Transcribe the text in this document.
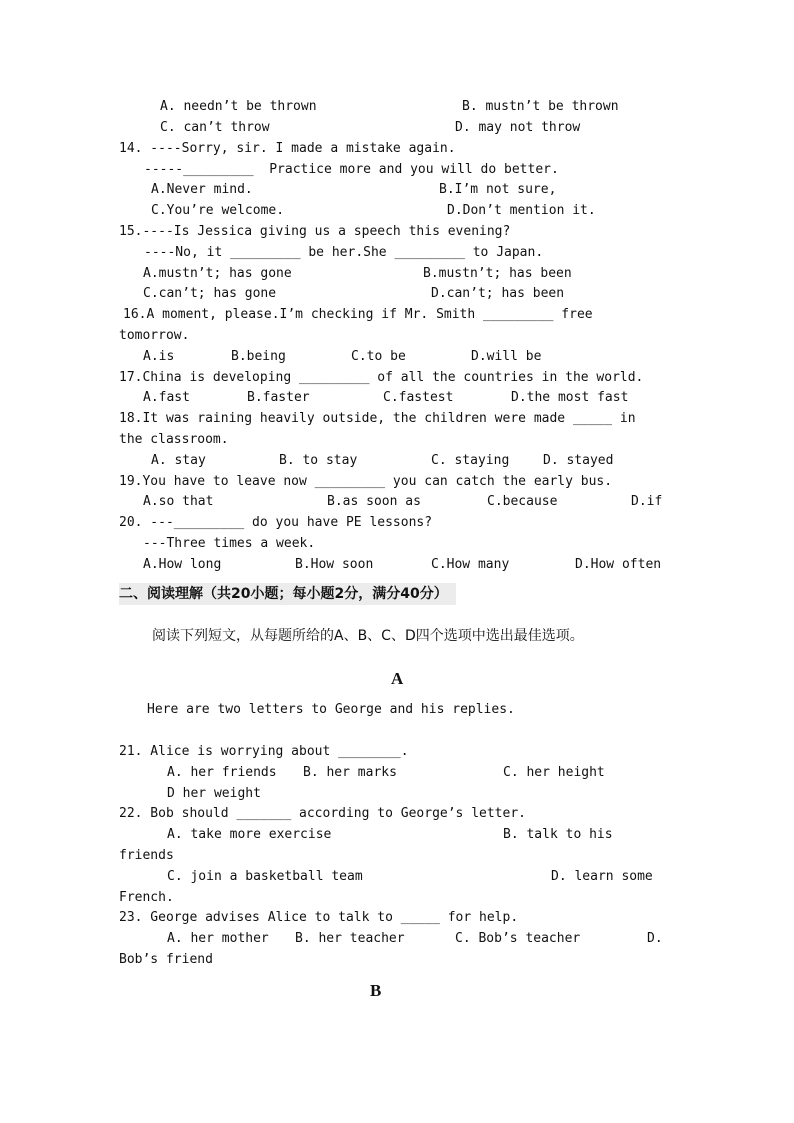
A. needn’t be thrown	B. mustn’t be thrown
C. can’t throw	D. may not throw
14. ----Sorry, sir. I made a mistake again.
-----_________  Practice more and you will do better.
A.Never mind.	B.I’m not sure,
C.You’re welcome.	D.Don’t mention it.
15.----Is Jessica giving us a speech this evening?
----No, it _________ be her.She _________ to Japan.
A.mustn’t; has gone	B.mustn’t; has been
C.can’t; has gone	D.can’t; has been
16.A moment, please.I’m checking if Mr. Smith _________ free
tomorrow.
A.is	B.being	C.to be	D.will be
17.China is developing _________ of all the countries in the world.
A.fast	B.faster	C.fastest	D.the most fast
18.It was raining heavily outside, the children were made _____ in
the classroom.
A. stay	B. to stay	C. staying	D. stayed
19.You have to leave now _________ you can catch the early bus.
A.so that	B.as soon as	C.because	D.if
20. ---_________ do you have PE lessons?
---Three times a week.
A.How long	B.How soon	C.How many	D.How often
二、阅读理解（共20小题；每小题2分，满分40分）
阅读下列短文，从每题所给的A、B、C、D四个选项中选出最佳选项。
A
Here are two letters to George and his replies.
21. Alice is worrying about ________.
A. her friends B. her marks	C. her height
D her weight
22. Bob should _______ according to George’s letter.
A. take more exercise	B. talk to his
friends
C. join a basketball team	D. learn some
French.
23. George advises Alice to talk to _____ for help.
A. her mother B. her teacher	C. Bob’s teacher	D.
Bob’s friend
B
